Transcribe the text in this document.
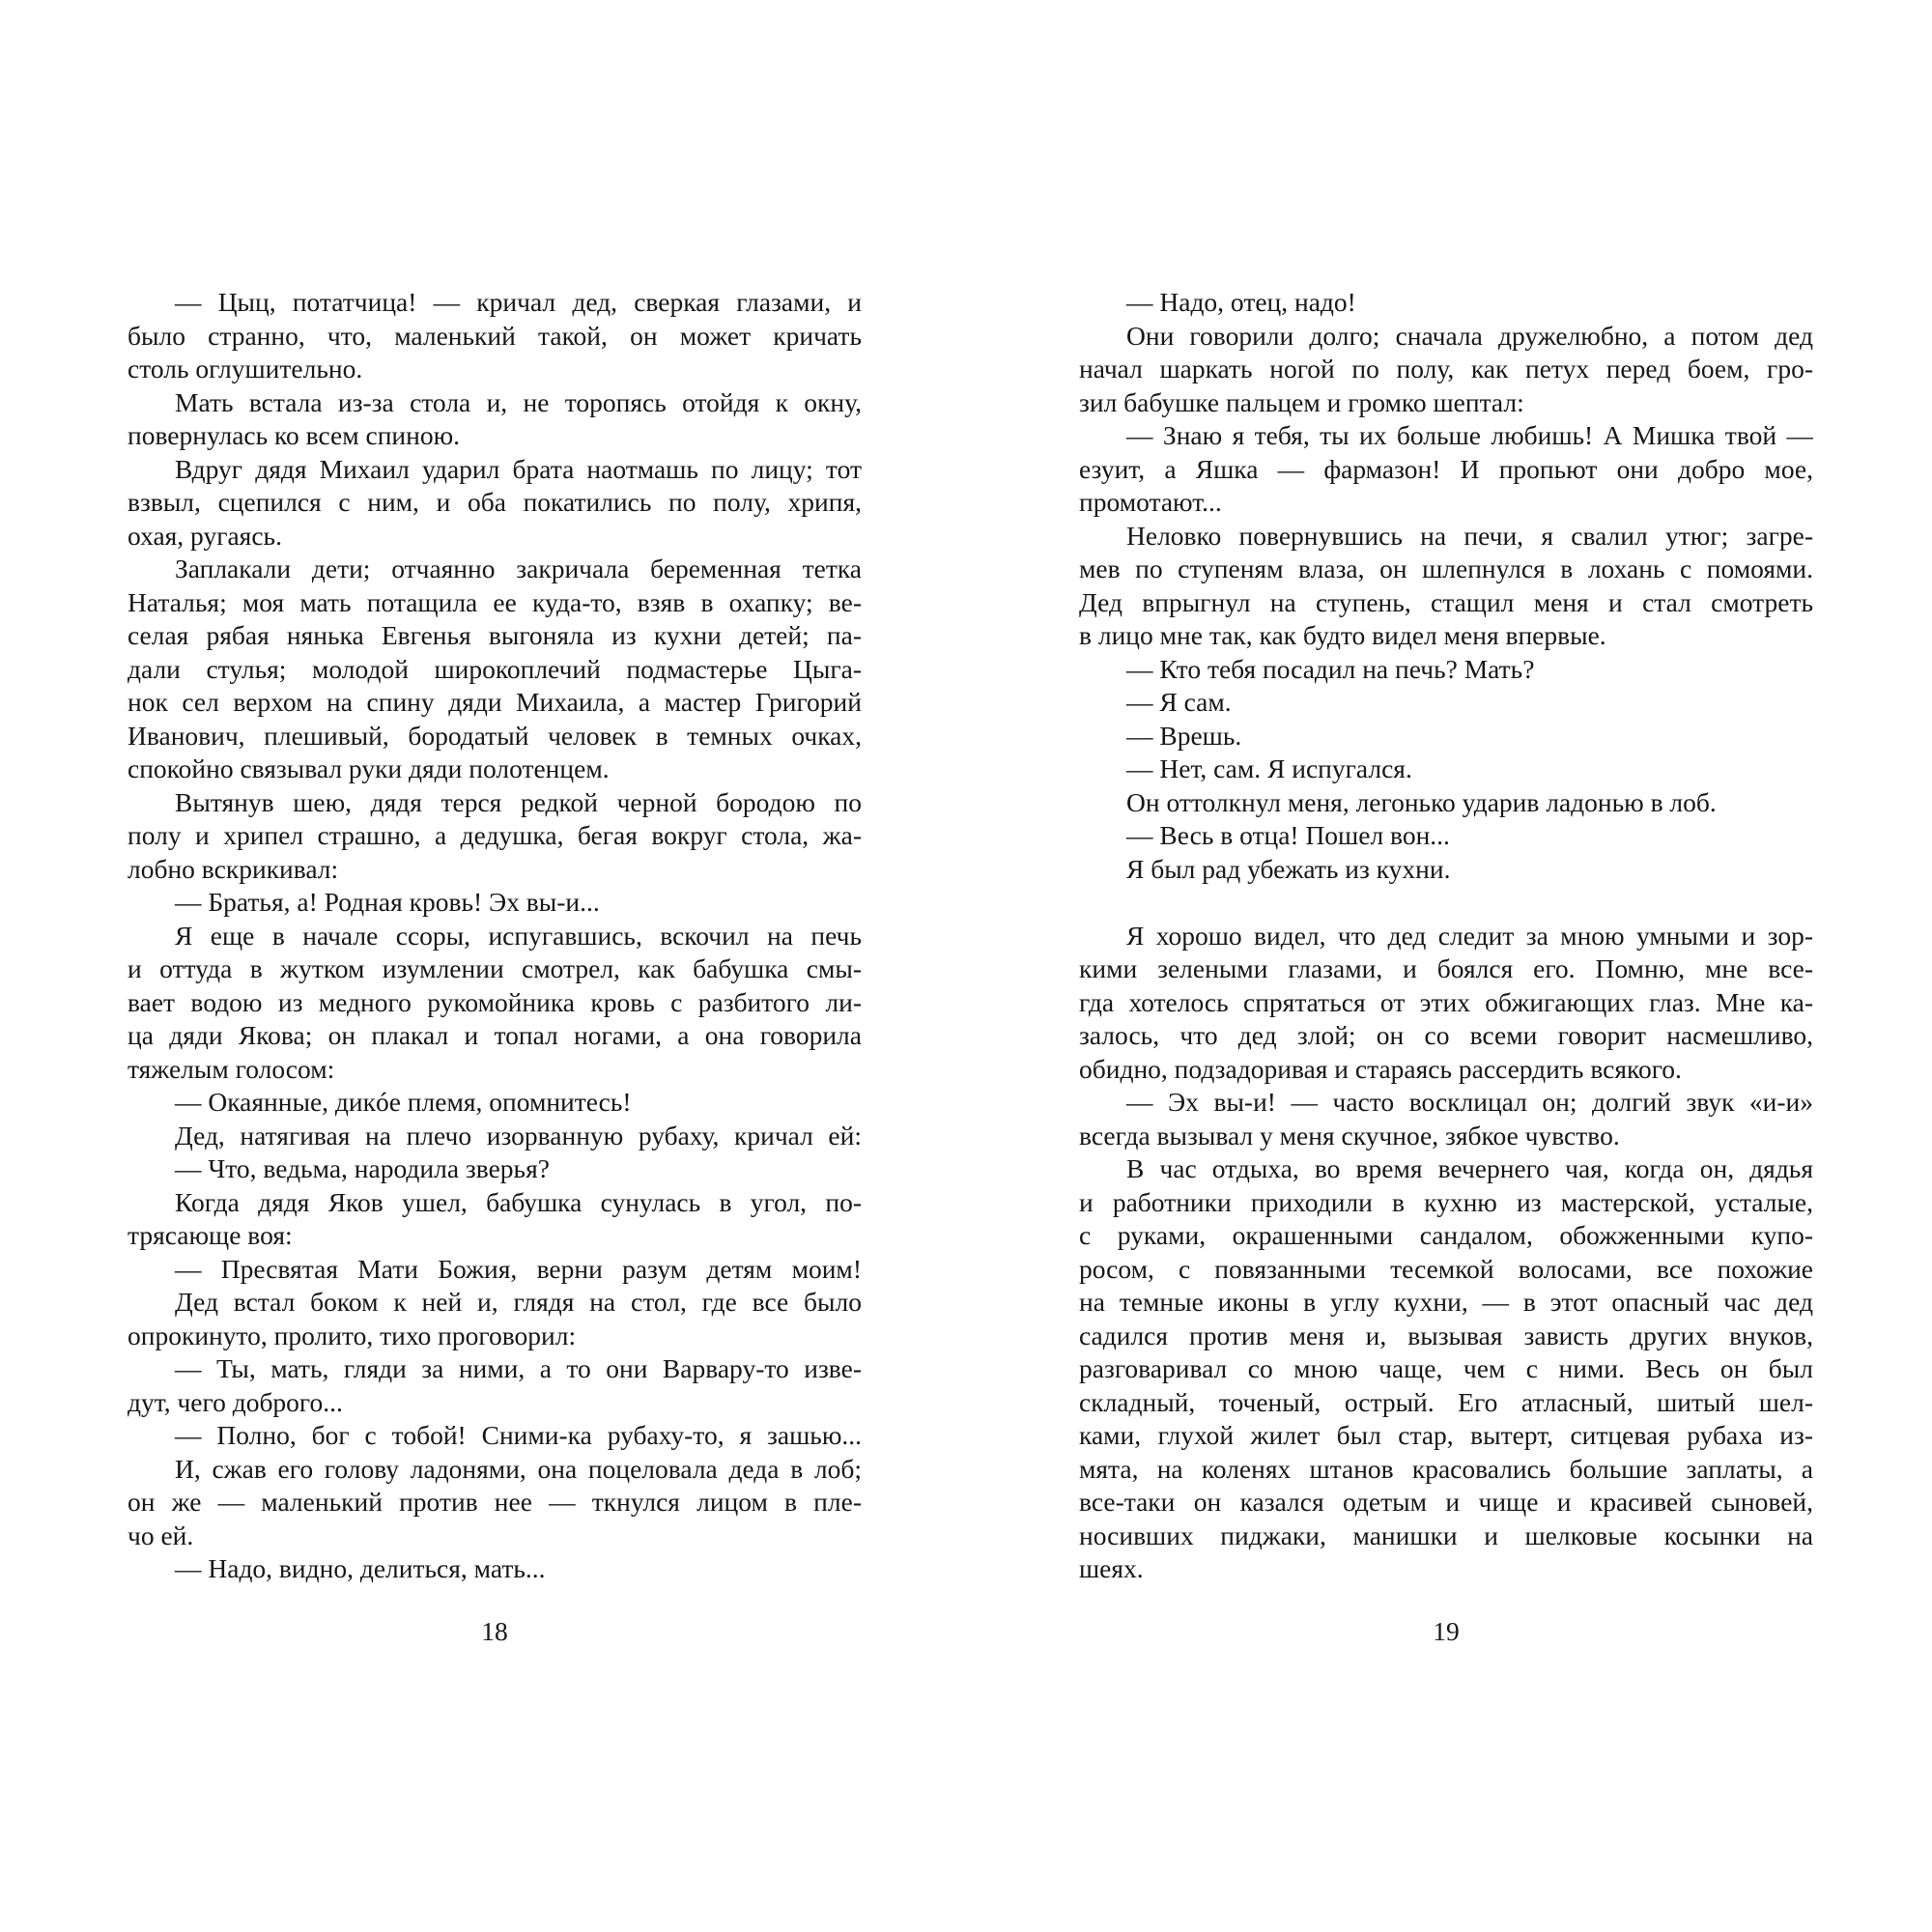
— Цыц, потатчица! — кричал дед, сверкая глазами, и
было странно, что, маленький такой, он может кричать
столь оглушительно.
Мать встала из-за стола и, не торопясь отойдя к окну,
повернулась ко всем спиною.
Вдруг дядя Михаил ударил брата наотмашь по лицу; тот
взвыл, сцепился с ним, и оба покатились по полу, хрипя,
охая, ругаясь.
Заплакали дети; отчаянно закричала беременная тетка
Наталья; моя мать потащила ее куда-то, взяв в охапку; ве-
селая рябая нянька Евгенья выгоняла из кухни детей; па-
дали стулья; молодой широкоплечий подмастерье Цыга-
нок сел верхом на спину дяди Михаила, а мастер Григорий
Иванович, плешивый, бородатый человек в темных очках,
спокойно связывал руки дяди полотенцем.
Вытянув шею, дядя терся редкой черной бородою по
полу и хрипел страшно, а дедушка, бегая вокруг стола, жа-
лобно вскрикивал:
— Братья, а! Родная кровь! Эх вы-и...
Я еще в начале ссоры, испугавшись, вскочил на печь
и оттуда в жутком изумлении смотрел, как бабушка смы-
вает водою из медного рукомойника кровь с разбитого ли-
ца дяди Якова; он плакал и топал ногами, а она говорила
тяжелым голосом:
— Окаянные, дикóе племя, опомнитесь!
Дед, натягивая на плечо изорванную рубаху, кричал ей:
— Что, ведьма, народила зверья?
Когда дядя Яков ушел, бабушка сунулась в угол, по-
трясающе воя:
— Пресвятая Мати Божия, верни разум детям моим!
Дед встал боком к ней и, глядя на стол, где все было
опрокинуто, пролито, тихо проговорил:
— Ты, мать, гляди за ними, а то они Варвару-то изве-
дут, чего доброго...
— Полно, бог с тобой! Сними-ка рубаху-то, я зашью...
И, сжав его голову ладонями, она поцеловала деда в лоб;
он же — маленький против нее — ткнулся лицом в пле-
чо ей.
— Надо, видно, делиться, мать...
18
— Надо, отец, надо!
Они говорили долго; сначала дружелюбно, а потом дед
начал шаркать ногой по полу, как петух перед боем, гро-
зил бабушке пальцем и громко шептал:
— Знаю я тебя, ты их больше любишь! А Мишка твой —
езуит, а Яшка — фармазон! И пропьют они добро мое,
промотают...
Неловко повернувшись на печи, я свалил утюг; загре-
мев по ступеням влаза, он шлепнулся в лохань с помоями.
Дед впрыгнул на ступень, стащил меня и стал смотреть
в лицо мне так, как будто видел меня впервые.
— Кто тебя посадил на печь? Мать?
— Я сам.
— Врешь.
— Нет, сам. Я испугался.
Он оттолкнул меня, легонько ударив ладонью в лоб.
— Весь в отца! Пошел вон...
Я был рад убежать из кухни.
Я хорошо видел, что дед следит за мною умными и зор-
кими зелеными глазами, и боялся его. Помню, мне все-
гда хотелось спрятаться от этих обжигающих глаз. Мне ка-
залось, что дед злой; он со всеми говорит насмешливо,
обидно, подзадоривая и стараясь рассердить всякого.
— Эх вы-и! — часто восклицал он; долгий звук «и-и»
всегда вызывал у меня скучное, зябкое чувство.
В час отдыха, во время вечернего чая, когда он, дядья
и работники приходили в кухню из мастерской, усталые,
с руками, окрашенными сандалом, обожженными купо-
росом, с повязанными тесемкой волосами, все похожие
на темные иконы в углу кухни, — в этот опасный час дед
садился против меня и, вызывая зависть других внуков,
разговаривал со мною чаще, чем с ними. Весь он был
складный, точеный, острый. Его атласный, шитый шел-
ками, глухой жилет был стар, вытерт, ситцевая рубаха из-
мята, на коленях штанов красовались большие заплаты, а
все-таки он казался одетым и чище и красивей сыновей,
носивших пиджаки, манишки и шелковые косынки на
шеях.
19
